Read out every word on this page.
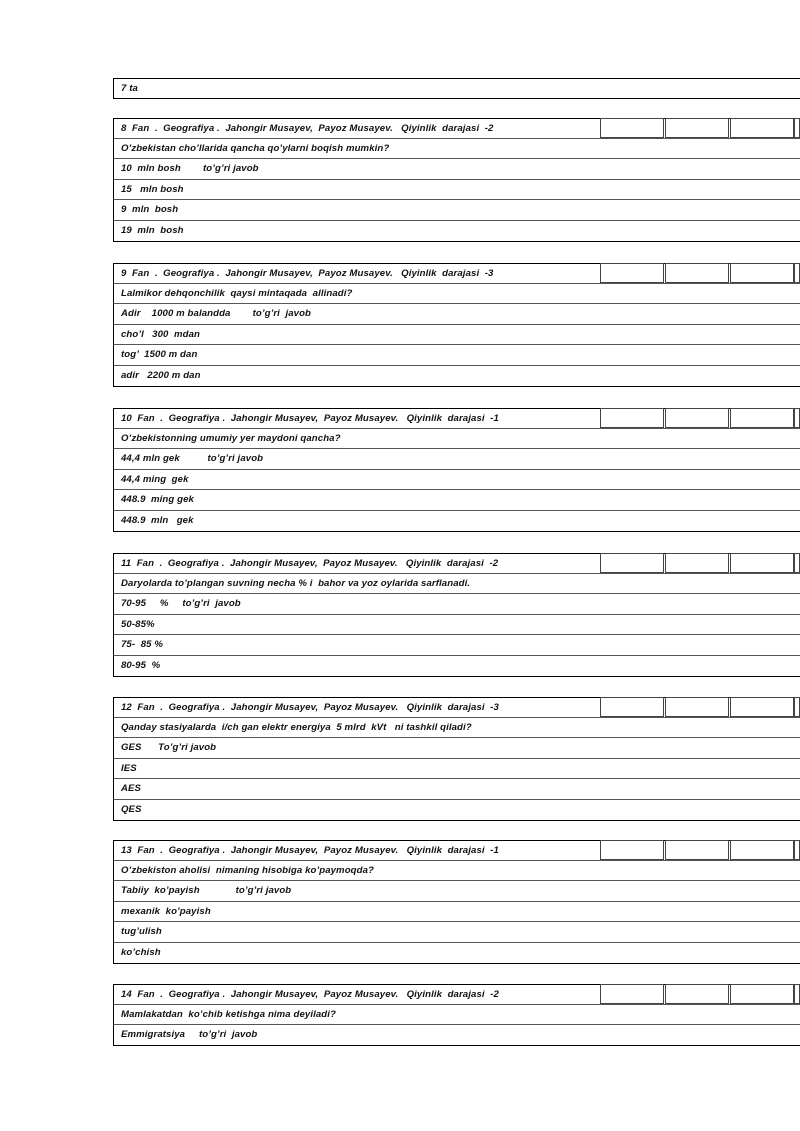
7 ta
8  Fan  .  Geografiya .  Jahongir Musayev,  Payoz Musayev.   Qiyinlik  darajasi  -2
O’zbekistan cho’llarida qancha qo’ylarni boqish mumkin?
10  mln bosh        to’g’ri javob
15   mln bosh
9  mln  bosh
19  mln  bosh
9  Fan  .  Geografiya .  Jahongir Musayev,  Payoz Musayev.   Qiyinlik  darajasi  -3
Lalmikor dehqonchilik  qaysi mintaqada  allinadi?
Adir    1000 m balandda        to’g’ri  javob
cho’l   300  mdan
tog’  1500 m dan
adir   2200 m dan
10  Fan  .  Geografiya .  Jahongir Musayev,  Payoz Musayev.   Qiyinlik  darajasi  -1
O’zbekistonning umumiy yer maydoni qancha?
44,4 mln gek          to’g’ri javob
44,4 ming  gek
448.9  ming gek
448.9  mln   gek
11  Fan  .  Geografiya .  Jahongir Musayev,  Payoz Musayev.   Qiyinlik  darajasi  -2
Daryolarda to’plangan suvning necha % i  bahor va yoz oylarida sarflanadi.
70-95     %     to’g’ri  javob
50-85%
75-  85 %
80-95  %
12  Fan  .  Geografiya .  Jahongir Musayev,  Payoz Musayev.   Qiyinlik  darajasi  -3
Qanday stasiyalarda  i/ch gan elektr energiya  5 mlrd  kVt   ni tashkil qiladi?
GES      To’g’ri javob
IES
AES
QES
13  Fan  .  Geografiya .  Jahongir Musayev,  Payoz Musayev.   Qiyinlik  darajasi  -1
O’zbekiston aholisi  nimaning hisobiga ko’paymoqda?
Tabiiy  ko’payish             to’g’ri javob
mexanik  ko’payish
tug’ulish
ko’chish
14  Fan  .  Geografiya .  Jahongir Musayev,  Payoz Musayev.   Qiyinlik  darajasi  -2
Mamlakatdan  ko’chib ketishga nima deyiladi?
Emmigratsiya     to’g’ri  javob
